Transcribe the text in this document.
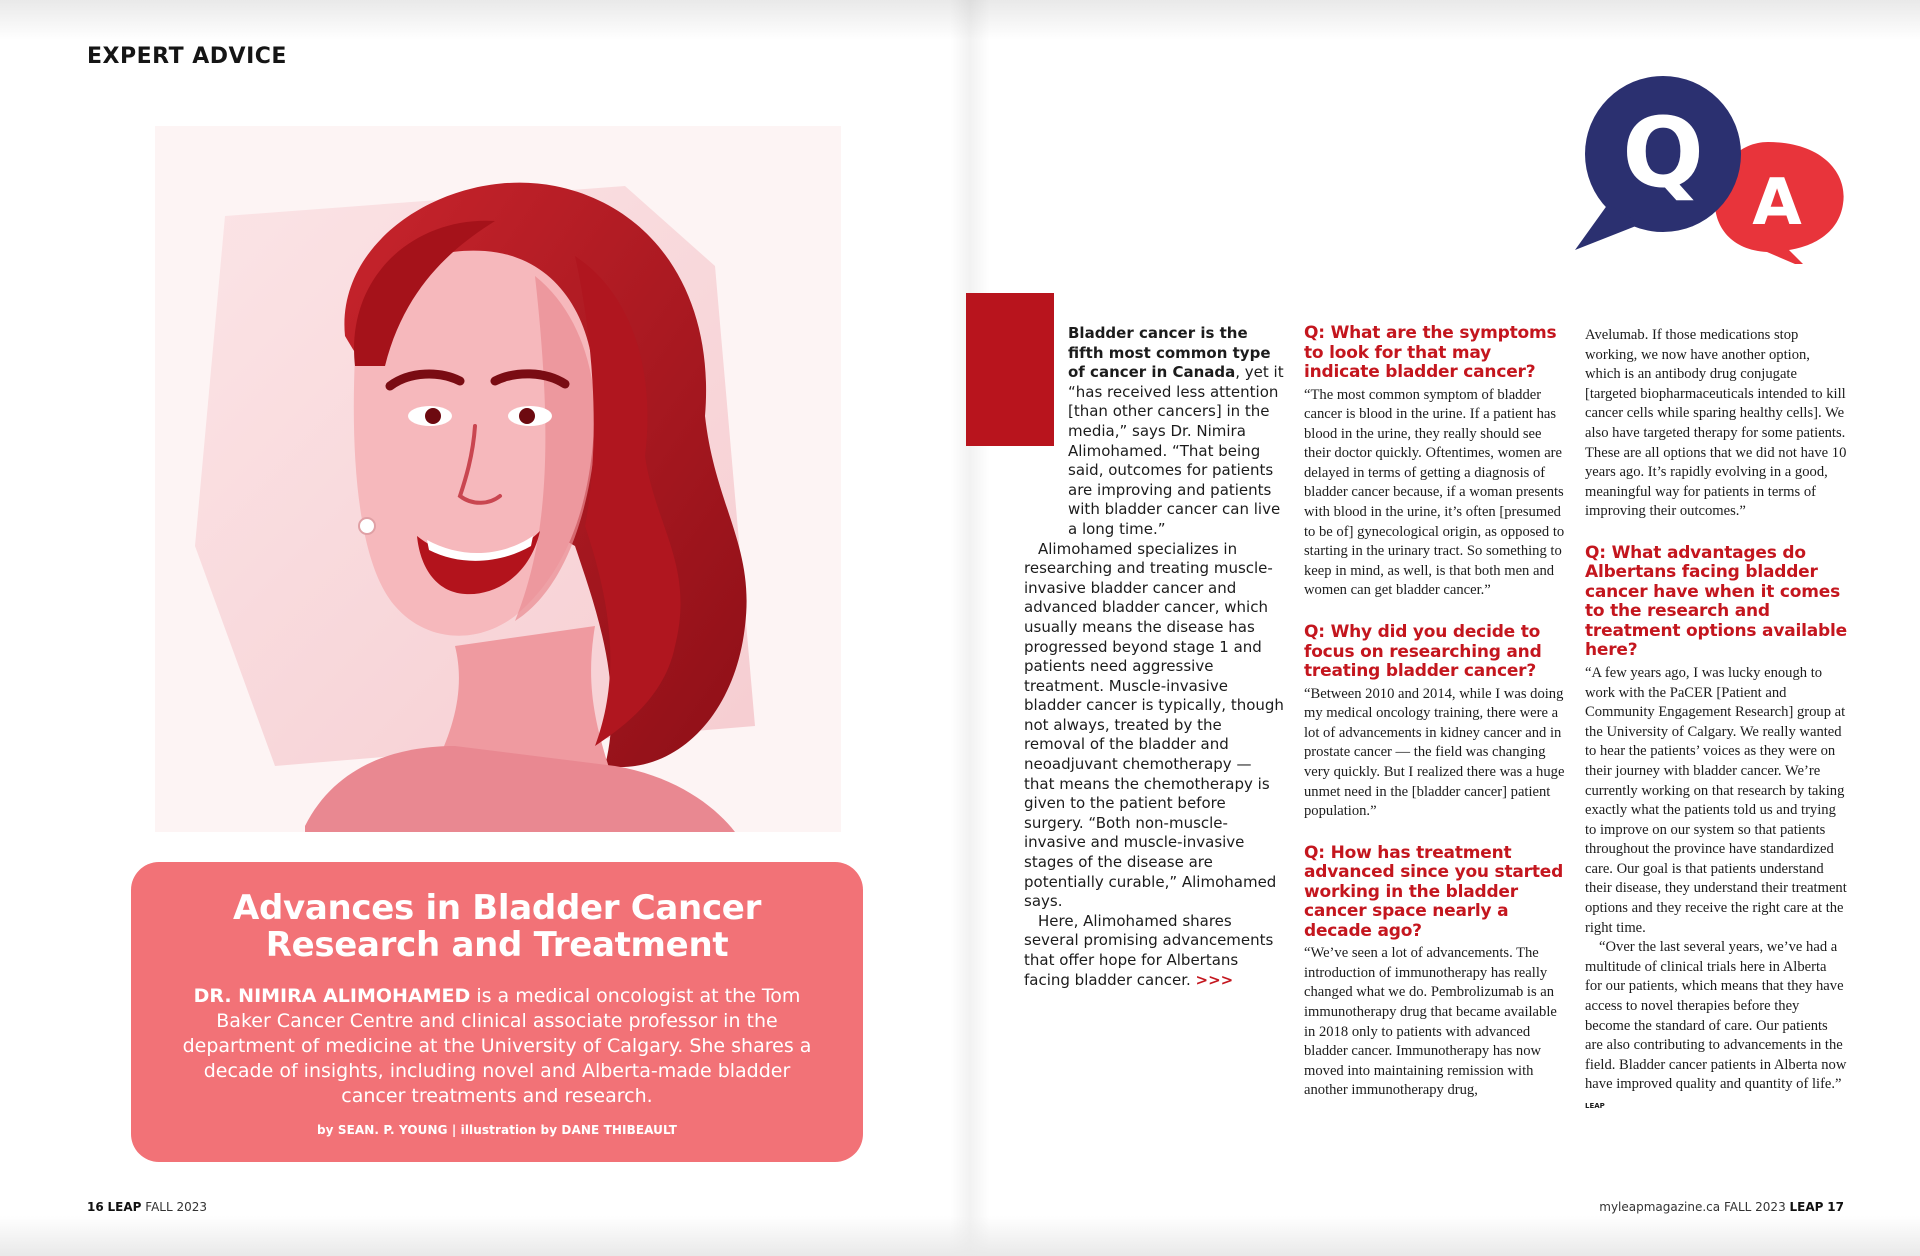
EXPERT ADVICE
Advances in Bladder Cancer
Research and Treatment
DR. NIMIRA ALIMOHAMED is a medical oncologist at the Tom Baker Cancer Centre and clinical associate professor in the department of medicine at the University of Calgary. She shares a decade of insights, including novel and Alberta-made bladder cancer treatments and research.
by SEAN. P. YOUNG | illustration by DANE THIBEAULT
Q A

Bladder cancer is the fifth most common type of cancer in Canada, yet it “has received less attention [than other cancers] in the media,” says Dr. Nimira Alimohamed. “That being said, outcomes for patients are improving and patients with bladder cancer can live a long time.”

Alimohamed specializes in researching and treating muscle-invasive bladder cancer and advanced bladder cancer, which usually means the disease has progressed beyond stage 1 and patients need aggressive treatment. Muscle-invasive bladder cancer is typically, though not always, treated by the removal of the bladder and neoadjuvant chemotherapy — that means the chemotherapy is given to the patient before surgery. “Both non-muscle-invasive and muscle-invasive stages of the disease are potentially curable,” Alimohamed says.

Here, Alimohamed shares several promising advancements that offer hope for Albertans facing bladder cancer. >>>

Q: What are the symptoms to look for that may indicate bladder cancer?

“The most common symptom of bladder cancer is blood in the urine. If a patient has blood in the urine, they really should see their doctor quickly. Oftentimes, women are delayed in terms of getting a diagnosis of bladder cancer because, if a woman presents with blood in the urine, it’s often [presumed to be of] gynecological origin, as opposed to starting in the urinary tract. So something to keep in mind, as well, is that both men and women can get bladder cancer.”

Q: Why did you decide to focus on researching and treating bladder cancer?

“Between 2010 and 2014, while I was doing my medical oncology training, there were a lot of advancements in kidney cancer and in prostate cancer — the field was changing very quickly. But I realized there was a huge unmet need in the [bladder cancer] patient population.”

Q: How has treatment advanced since you started working in the bladder cancer space nearly a decade ago?

“We’ve seen a lot of advancements. The introduction of immunotherapy has really changed what we do. Pembrolizumab is an immunotherapy drug that became available in 2018 only to patients with advanced bladder cancer. Immunotherapy has now moved into maintaining remission with another immunotherapy drug,

Avelumab. If those medications stop working, we now have another option, which is an antibody drug conjugate [targeted biopharmaceuticals intended to kill cancer cells while sparing healthy cells]. We also have targeted therapy for some patients. These are all options that we did not have 10 years ago. It’s rapidly evolving in a good, meaningful way for patients in terms of improving their outcomes.”

Q: What advantages do Albertans facing bladder cancer have when it comes to the research and treatment options available here?

“A few years ago, I was lucky enough to work with the PaCER [Patient and Community Engagement Research] group at the University of Calgary. We really wanted to hear the patients’ voices as they were on their journey with bladder cancer. We’re currently working on that research by taking exactly what the patients told us and trying to improve on our system so that patients throughout the province have standardized care. Our goal is that patients understand their disease, they understand their treatment options and they receive the right care at the right time.

“Over the last several years, we’ve had a multitude of clinical trials here in Alberta for our patients, which means that they have access to novel therapies before they become the standard of care. Our patients are also contributing to advancements in the field. Bladder cancer patients in Alberta now have improved quality and quantity of life.” LEAP

16 LEAP FALL 2023	myleapmagazine.ca FALL 2023 LEAP 17
